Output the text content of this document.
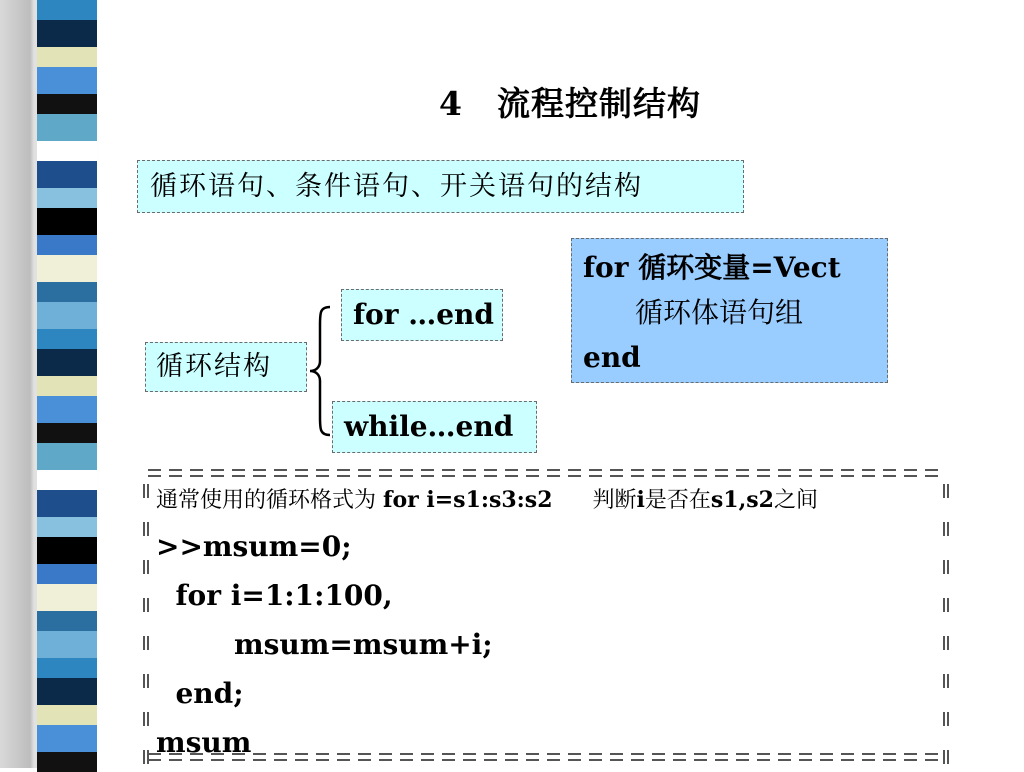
4　流程控制结构
循环语句、条件语句、开关语句的结构
循环结构
for …end
while…end
for 循环变量=Vect
循环体语句组
end
通常使用的循环格式为 for i=s1:s3:s2 判断i是否在s1,s2之间
>>msum=0;
for i=1:1:100,
msum=msum+i;
end;
msum
